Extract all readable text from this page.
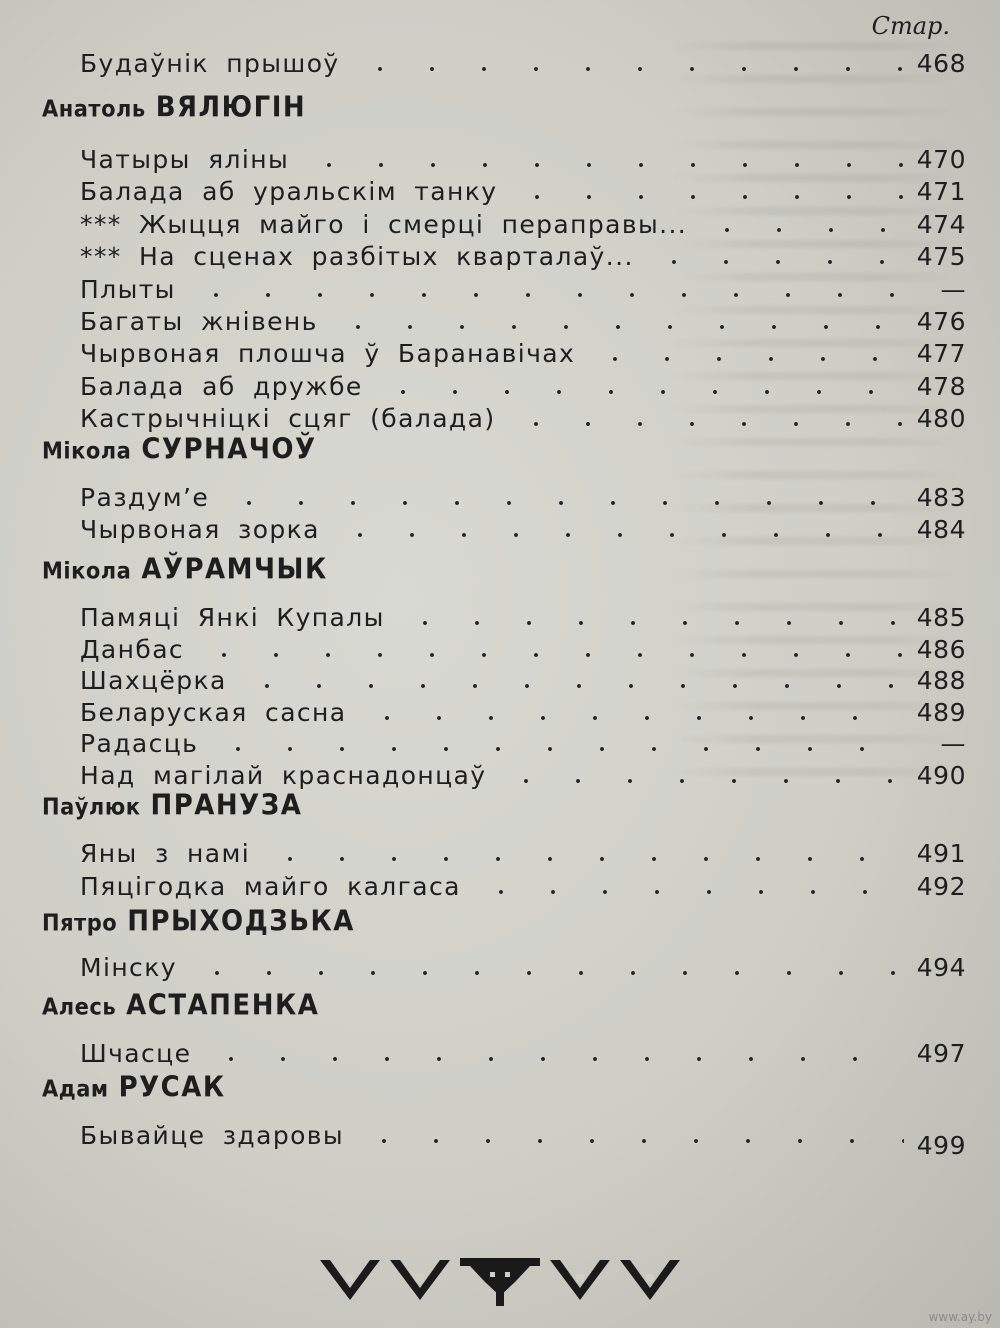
Стар.
Будаўнік прышоў	468
Анатоль ВЯЛЮГІН
Чатыры яліны	470
Балада аб уральскім танку	471
*** Жыцця майго і смерці пераправы...	474
*** На сценах разбітых кварталаў...	475
Плыты	—
Багаты жнівень	476
Чырвоная плошча ў Баранавічах	477
Балада аб дружбе	478
Кастрычніцкі сцяг (балада)	480
Мікола СУРНАЧОЎ
Раздум’е	483
Чырвоная зорка	484
Мікола АЎРАМЧЫК
Памяці Янкі Купалы	485
Данбас	486
Шахцёрка	488
Беларуская сасна	489
Радасць	—
Над магілай краснадонцаў	490
Паўлюк ПРАНУЗА
Яны з намі	491
Пяцігодка майго калгаса	492
Пятро ПРЫХОДЗЬКА
Мінску	494
Алесь АСТАПЕНКА
Шчасце	497
Адам РУСАК
Бывайце здаровы	499
www.ay.by
